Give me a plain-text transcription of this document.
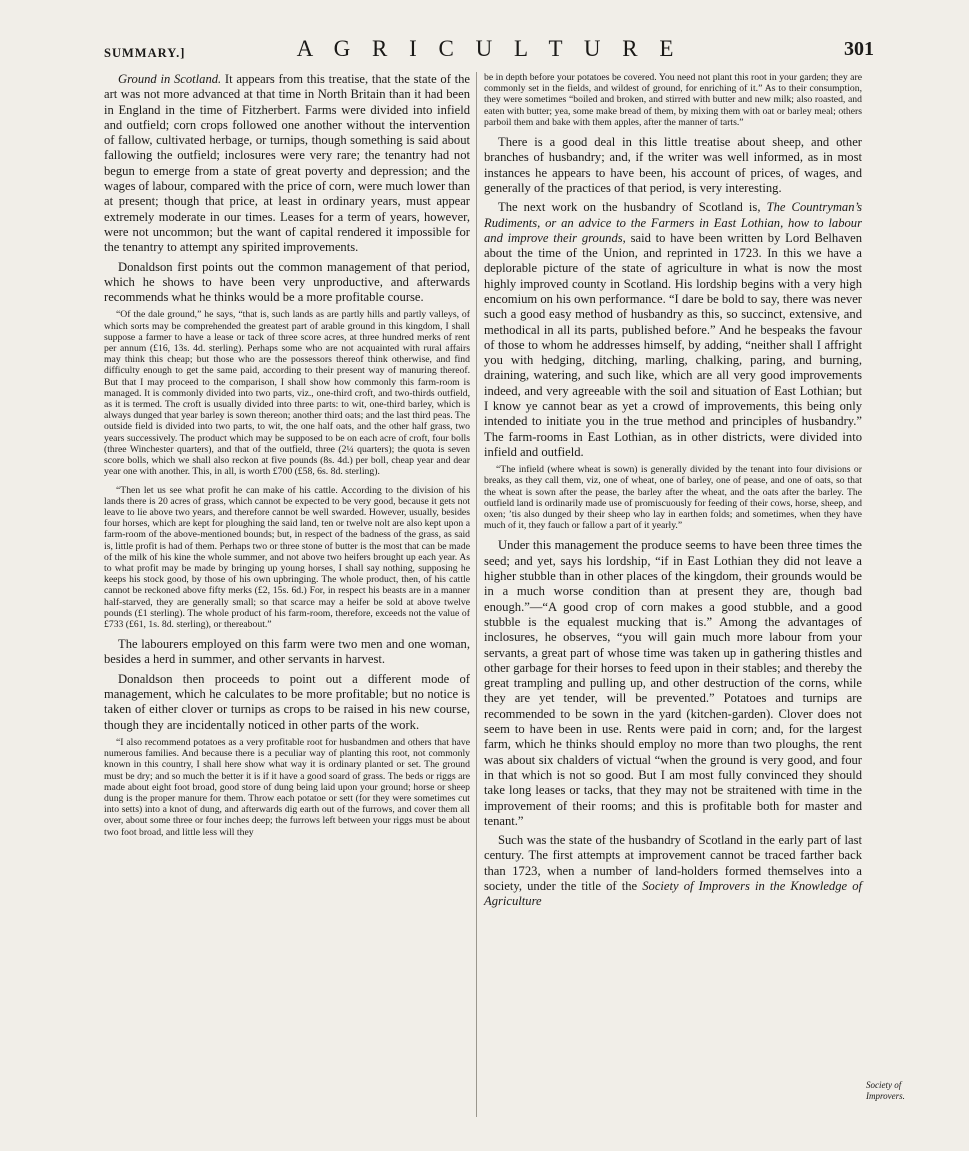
SUMMARY.]	A G R I C U L T U R E	301

Ground in Scotland. It appears from this treatise, that the state of the art was not more advanced at that time in North Britain than it had been in England in the time of Fitzherbert. Farms were divided into infield and outfield; corn crops followed one another without the intervention of fallow, cultivated herbage, or turnips, though something is said about fallowing the outfield; inclosures were very rare; the tenantry had not begun to emerge from a state of great poverty and depression; and the wages of labour, compared with the price of corn, were much lower than at present; though that price, at least in ordinary years, must appear extremely moderate in our times. Leases for a term of years, however, were not uncommon; but the want of capital rendered it impossible for the tenantry to attempt any spirited improvements.

Donaldson first points out the common management of that period, which he shows to have been very unproductive, and afterwards recommends what he thinks would be a more profitable course.

“Of the dale ground,” he says, “that is, such lands as are partly hills and partly valleys, of which sorts may be comprehended the greatest part of arable ground in this kingdom, I shall suppose a farmer to have a lease or tack of three score acres, at three hundred merks of rent per annum (£16, 13s. 4d. sterling). Perhaps some who are not acquainted with rural affairs may think this cheap; but those who are the possessors thereof think otherwise, and find difficulty enough to get the same paid, according to their present way of manuring thereof. But that I may proceed to the comparison, I shall show how commonly this farm-room is managed. It is commonly divided into two parts, viz., one-third croft, and two-thirds outfield, as it is termed. The croft is usually divided into three parts: to wit, one-third barley, which is always dunged that year barley is sown thereon; another third oats; and the last third peas. The outside field is divided into two parts, to wit, the one half oats, and the other half grass, two years successively. The product which may be supposed to be on each acre of croft, four bolls (three Winchester quarters), and that of the outfield, three (2¼ quarters); the quota is seven score bolls, which we shall also reckon at five pounds (8s. 4d.) per boll, cheap year and dear year one with another. This, in all, is worth £700 (£58, 6s. 8d. sterling).

“Then let us see what profit he can make of his cattle. According to the division of his lands there is 20 acres of grass, which cannot be expected to be very good, because it gets not leave to lie above two years, and therefore cannot be well swarded. However, usually, besides four horses, which are kept for ploughing the said land, ten or twelve nolt are also kept upon a farm-room of the above-mentioned bounds; but, in respect of the badness of the grass, as said is, little profit is had of them. Perhaps two or three stone of butter is the most that can be made of the milk of his kine the whole summer, and not above two heifers brought up each year. As to what profit may be made by bringing up young horses, I shall say nothing, supposing he keeps his stock good, by those of his own upbringing. The whole product, then, of his cattle cannot be reckoned above fifty merks (£2, 15s. 6d.) For, in respect his beasts are in a manner half-starved, they are generally small; so that scarce may a heifer be sold at above twelve pounds (£1 sterling). The whole product of his farm-room, therefore, exceeds not the value of £733 (£61, 1s. 8d. sterling), or thereabout.”

The labourers employed on this farm were two men and one woman, besides a herd in summer, and other servants in harvest.

Donaldson then proceeds to point out a different mode of management, which he calculates to be more profitable; but no notice is taken of either clover or turnips as crops to be raised in his new course, though they are incidentally noticed in other parts of the work.

“I also recommend potatoes as a very profitable root for husbandmen and others that have numerous families. And because there is a peculiar way of planting this root, not commonly known in this country, I shall here show what way it is ordinary planted or set. The ground must be dry; and so much the better it is if it have a good soard of grass. The beds or riggs are made about eight foot broad, good store of dung being laid upon your ground; horse or sheep dung is the proper manure for them. Throw each potatoe or sett (for they were sometimes cut into setts) into a knot of dung, and afterwards dig earth out of the furrows, and cover them all over, about some three or four inches deep; the furrows left between your riggs must be about two foot broad, and little less will they

be in depth before your potatoes be covered. You need not plant this root in your garden; they are commonly set in the fields, and wildest of ground, for enriching of it.” As to their consumption, they were sometimes “boiled and broken, and stirred with butter and new milk; also roasted, and eaten with butter; yea, some make bread of them, by mixing them with oat or barley meal; others parboil them and bake with them apples, after the manner of tarts.”

There is a good deal in this little treatise about sheep, and other branches of husbandry; and, if the writer was well informed, as in most instances he appears to have been, his account of prices, of wages, and generally of the practices of that period, is very interesting.

The next work on the husbandry of Scotland is, The Countryman’s Rudiments, or an advice to the Farmers in East Lothian, how to labour and improve their grounds, said to have been written by Lord Belhaven about the time of the Union, and reprinted in 1723. In this we have a deplorable picture of the state of agriculture in what is now the most highly improved county in Scotland. His lordship begins with a very high encomium on his own performance. “I dare be bold to say, there was never such a good easy method of husbandry as this, so succinct, extensive, and methodical in all its parts, published before.” And he bespeaks the favour of those to whom he addresses himself, by adding, “neither shall I affright you with hedging, ditching, marling, chalking, paring, and burning, draining, watering, and such like, which are all very good improvements indeed, and very agreeable with the soil and situation of East Lothian; but I know ye cannot bear as yet a crowd of improvements, this being only intended to initiate you in the true method and principles of husbandry.” The farm-rooms in East Lothian, as in other districts, were divided into infield and outfield.

“The infield (where wheat is sown) is generally divided by the tenant into four divisions or breaks, as they call them, viz, one of wheat, one of barley, one of pease, and one of oats, so that the wheat is sown after the pease, the barley after the wheat, and the oats after the barley. The outfield land is ordinarily made use of promiscuously for feeding of their cows, horse, sheep, and oxen; ’tis also dunged by their sheep who lay in earthen folds; and sometimes, when they have much of it, they fauch or fallow a part of it yearly.”

Under this management the produce seems to have been three times the seed; and yet, says his lordship, “if in East Lothian they did not leave a higher stubble than in other places of the kingdom, their grounds would be in a much worse condition than at present they are, though bad enough.”—“A good crop of corn makes a good stubble, and a good stubble is the equalest mucking that is.” Among the advantages of inclosures, he observes, “you will gain much more labour from your servants, a great part of whose time was taken up in gathering thistles and other garbage for their horses to feed upon in their stables; and thereby the great trampling and pulling up, and other destruction of the corns, while they are yet tender, will be prevented.” Potatoes and turnips are recommended to be sown in the yard (kitchen-garden). Clover does not seem to have been in use. Rents were paid in corn; and, for the largest farm, which he thinks should employ no more than two ploughs, the rent was about six chalders of victual “when the ground is very good, and four in that which is not so good. But I am most fully convinced they should take long leases or tacks, that they may not be straitened with time in the improvement of their rooms; and this is profitable both for master and tenant.”

Such was the state of the husbandry of Scotland in the early part of last century. The first attempts at improvement cannot be traced farther back than 1723, when a number of land-holders formed themselves into a society, under the title of the Society of Improvers in the Knowledge of Agriculture

Society of Improvers.
